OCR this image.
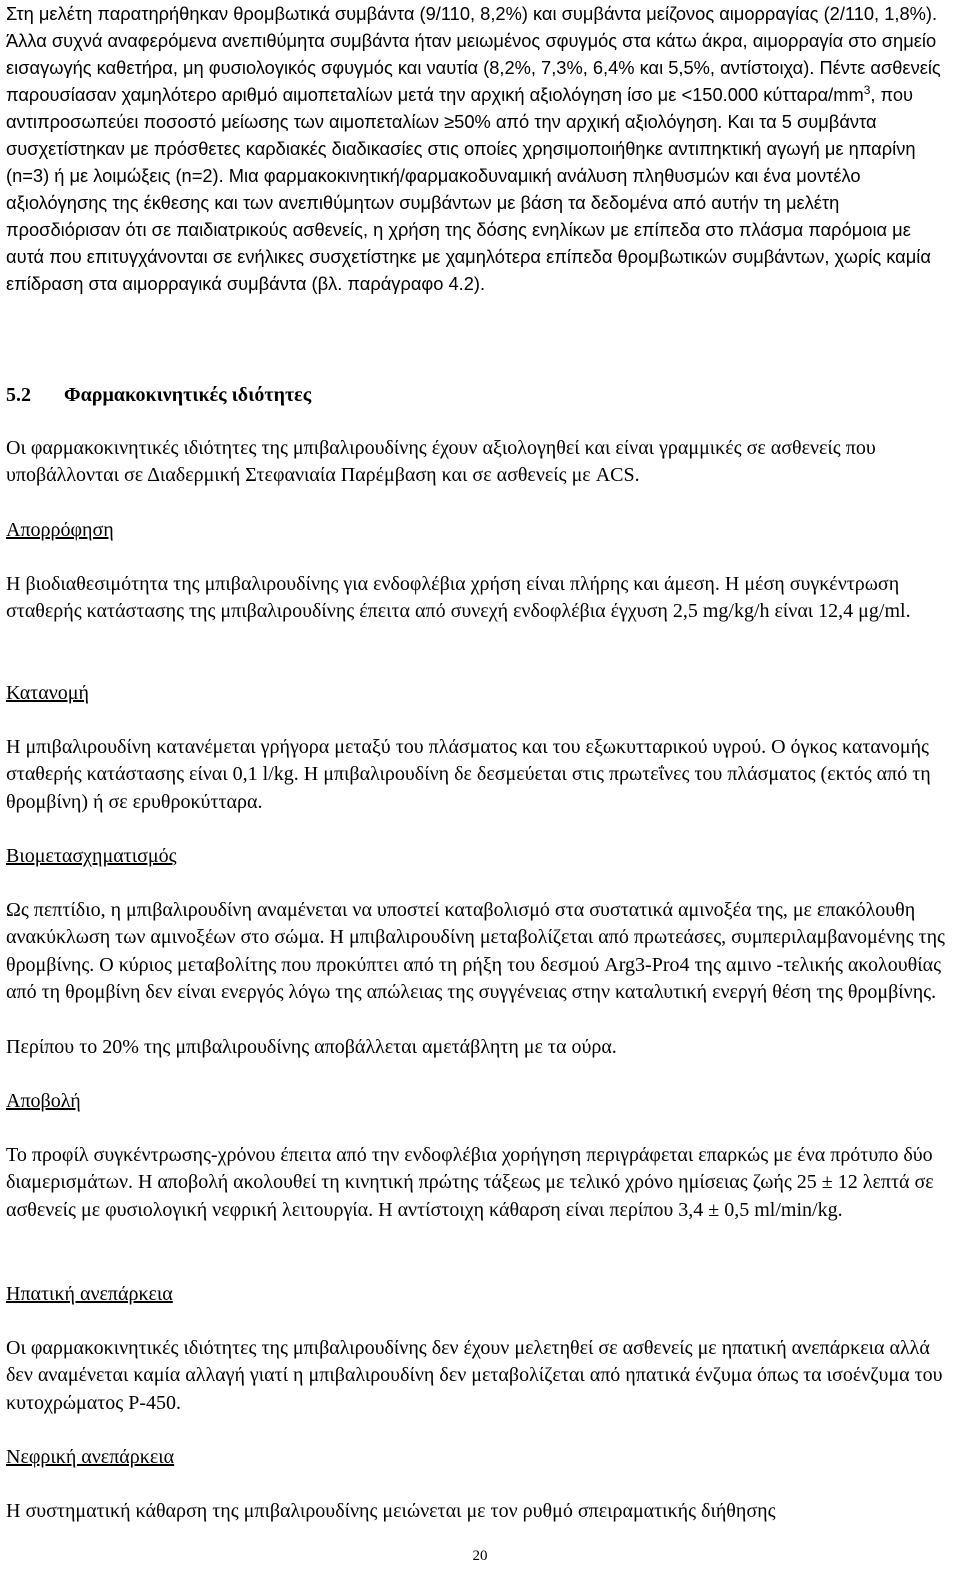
Στη μελέτη παρατηρήθηκαν θρομβωτικά συμβάντα (9/110, 8,2%) και συμβάντα μείζονος αιμορραγίας (2/110, 1,8%). Άλλα συχνά αναφερόμενα ανεπιθύμητα συμβάντα ήταν μειωμένος σφυγμός στα κάτω άκρα, αιμορραγία στο σημείο εισαγωγής καθετήρα, μη φυσιολογικός σφυγμός και ναυτία (8,2%, 7,3%, 6,4% και 5,5%, αντίστοιχα). Πέντε ασθενείς παρουσίασαν χαμηλότερο αριθμό αιμοπεταλίων μετά την αρχική αξιολόγηση ίσο με <150.000 κύτταρα/$mm^3$, που αντιπροσωπεύει ποσοστό μείωσης των αιμοπεταλίων ≥50% από την αρχική αξιολόγηση. Και τα 5 συμβάντα συσχετίστηκαν με πρόσθετες καρδιακές διαδικασίες στις οποίες χρησιμοποιήθηκε αντιπηκτική αγωγή με ηπαρίνη (n=3) ή με λοιμώξεις (n=2). Μια φαρμακοκινητική/φαρμακοδυναμική ανάλυση πληθυσμών και ένα μοντέλο αξιολόγησης της έκθεσης και των ανεπιθύμητων συμβάντων με βάση τα δεδομένα από αυτήν τη μελέτη προσδιόρισαν ότι σε παιδιατρικούς ασθενείς, η χρήση της δόσης ενηλίκων με επίπεδα στο πλάσμα παρόμοια με αυτά που επιτυγχάνονται σε ενήλικες συσχετίστηκε με χαμηλότερα επίπεδα θρομβωτικών συμβάντων, χωρίς καμία επίδραση στα αιμορραγικά συμβάντα (βλ. παράγραφο 4.2).

5.2 Φαρμακοκινητικές ιδιότητες

Οι φαρμακοκινητικές ιδιότητες της μπιβαλιρουδίνης έχουν αξιολογηθεί και είναι γραμμικές σε ασθενείς που υποβάλλονται σε Διαδερμική Στεφανιαία Παρέμβαση και σε ασθενείς με ACS.

Απορρόφηση

Η βιοδιαθεσιμότητα της μπιβαλιρουδίνης για ενδοφλέβια χρήση είναι πλήρης και άμεση. Η μέση συγκέντρωση σταθερής κατάστασης της μπιβαλιρουδίνης έπειτα από συνεχή ενδοφλέβια έγχυση 2,5 mg/kg/h είναι 12,4 μg/ml.

Κατανομή

Η μπιβαλιρουδίνη κατανέμεται γρήγορα μεταξύ του πλάσματος και του εξωκυτταρικού υγρού. Ο όγκος κατανομής σταθερής κατάστασης είναι 0,1 l/kg. Η μπιβαλιρουδίνη δε δεσμεύεται στις πρωτεΐνες του πλάσματος (εκτός από τη θρομβίνη) ή σε ερυθροκύτταρα.

Βιομετασχηματισμός

Ως πεπτίδιο, η μπιβαλιρουδίνη αναμένεται να υποστεί καταβολισμό στα συστατικά αμινοξέα της, με επακόλουθη ανακύκλωση των αμινοξέων στο σώμα. Η μπιβαλιρουδίνη μεταβολίζεται από πρωτεάσες, συμπεριλαμβανομένης της θρομβίνης. Ο κύριος μεταβολίτης που προκύπτει από τη ρήξη του δεσμού Arg3-Pro4 της αμινο -τελικής ακολουθίας από τη θρομβίνη δεν είναι ενεργός λόγω της απώλειας της συγγένειας στην καταλυτική ενεργή θέση της θρομβίνης.

Περίπου το 20% της μπιβαλιρουδίνης αποβάλλεται αμετάβλητη με τα ούρα.

Αποβολή

Το προφίλ συγκέντρωσης-χρόνου έπειτα από την ενδοφλέβια χορήγηση περιγράφεται επαρκώς με ένα πρότυπο δύο διαμερισμάτων. Η αποβολή ακολουθεί τη κινητική πρώτης τάξεως με τελικό χρόνο ημίσειας ζωής 25 ± 12 λεπτά σε ασθενείς με φυσιολογική νεφρική λειτουργία. Η αντίστοιχη κάθαρση είναι περίπου 3,4 ± 0,5 ml/min/kg.

Ηπατική ανεπάρκεια

Οι φαρμακοκινητικές ιδιότητες της μπιβαλιρουδίνης δεν έχουν μελετηθεί σε ασθενείς με ηπατική ανεπάρκεια αλλά δεν αναμένεται καμία αλλαγή γιατί η μπιβαλιρουδίνη δεν μεταβολίζεται από ηπατικά ένζυμα όπως τα ισοένζυμα του κυτοχρώματος P-450.

Νεφρική ανεπάρκεια

Η συστηματική κάθαρση της μπιβαλιρουδίνης μειώνεται με τον ρυθμό σπειραματικής διήθησης

20
